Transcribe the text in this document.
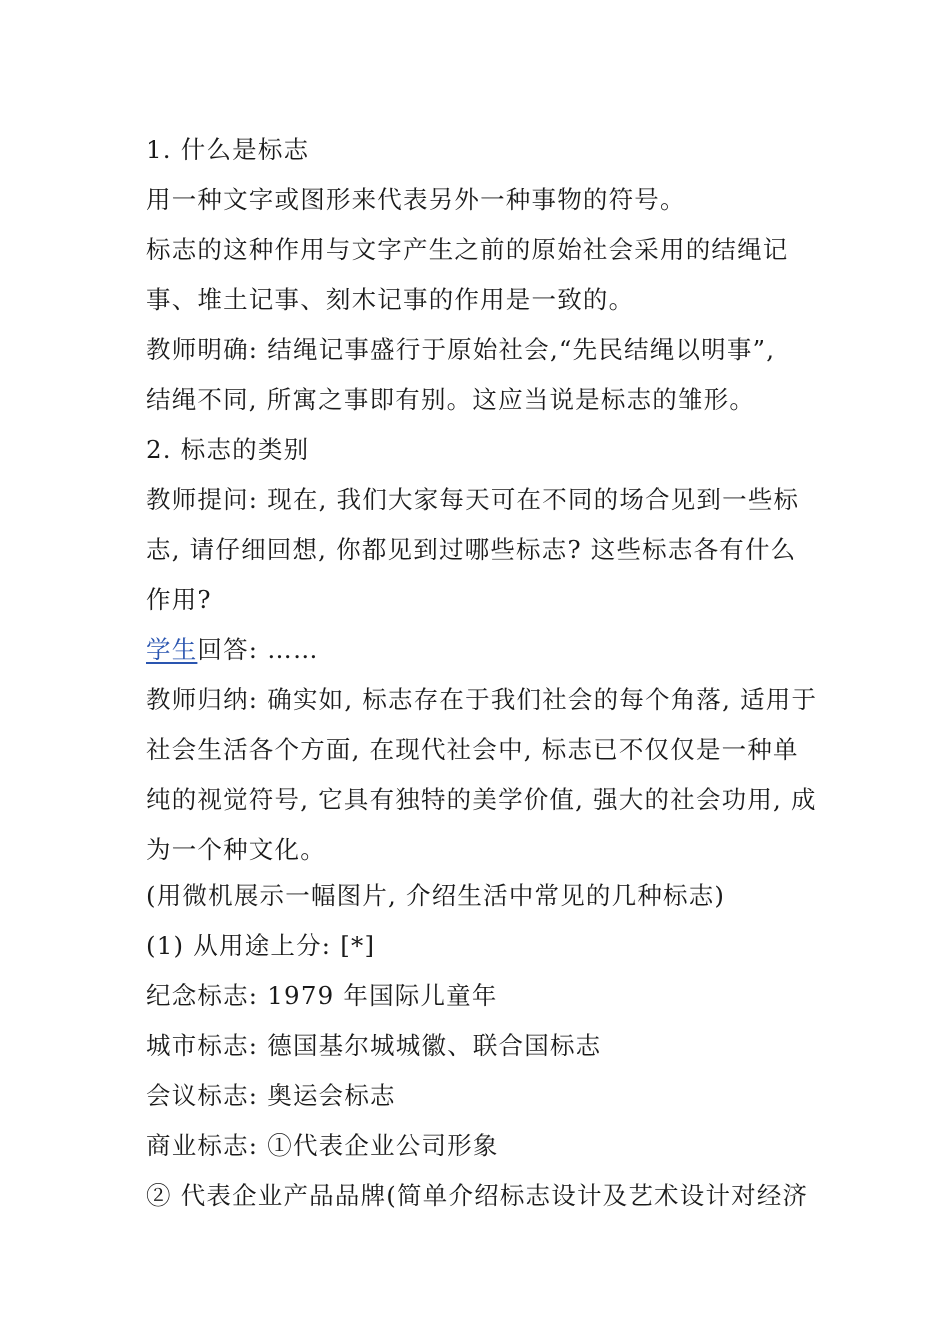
1. 什么是标志
用一种文字或图形来代表另外一种事物的符号。
标志的这种作用与文字产生之前的原始社会采用的结绳记
事、堆土记事、刻木记事的作用是一致的。
教师明确: 结绳记事盛行于原始社会,“先民结绳以明事”,
结绳不同, 所寓之事即有别。这应当说是标志的雏形。
2. 标志的类别
教师提问: 现在, 我们大家每天可在不同的场合见到一些标
志, 请仔细回想, 你都见到过哪些标志? 这些标志各有什么
作用?
学生回答: ……
教师归纳: 确实如, 标志存在于我们社会的每个角落, 适用于
社会生活各个方面, 在现代社会中, 标志已不仅仅是一种单
纯的视觉符号, 它具有独特的美学价值, 强大的社会功用, 成
为一个种文化。
(用微机展示一幅图片, 介绍生活中常见的几种标志)
(1) 从用途上分: [*]
纪念标志: 1979 年国际儿童年
城市标志: 德国基尔城城徽、联合国标志
会议标志: 奥运会标志
商业标志: ①代表企业公司形象
② 代表企业产品品牌(简单介绍标志设计及艺术设计对经济
